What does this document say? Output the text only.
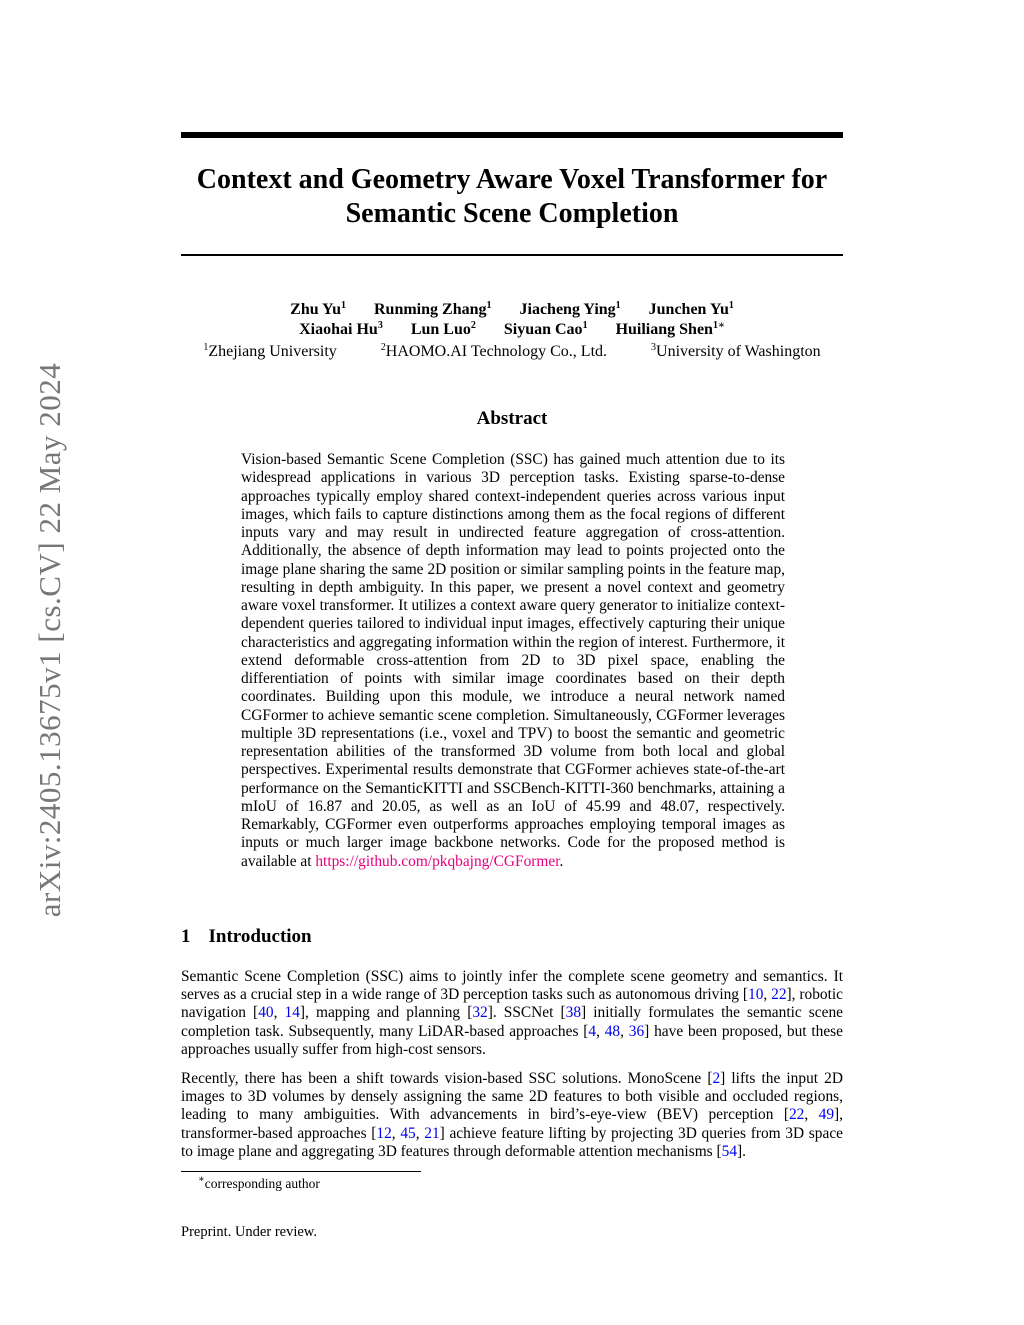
arXiv:2405.13675v1 [cs.CV] 22 May 2024
Context and Geometry Aware Voxel Transformer for Semantic Scene Completion
Zhu Yu$^1$ Runming Zhang$^1$ Jiacheng Ying$^1$ Junchen Yu$^1$
Xiaohai Hu$^3$ Lun Luo$^2$ Siyuan Cao$^1$ Huiliang Shen$^{1∗}$
$^1$Zhejiang University	$^2$HAOMO.AI Technology Co., Ltd.	$^3$University of Washington
Abstract

Vision-based Semantic Scene Completion (SSC) has gained much attention due to its widespread applications in various 3D perception tasks. Existing sparse-to-dense approaches typically employ shared context-independent queries across various input images, which fails to capture distinctions among them as the focal regions of different inputs vary and may result in undirected feature aggregation of cross-attention. Additionally, the absence of depth information may lead to points projected onto the image plane sharing the same 2D position or similar sampling points in the feature map, resulting in depth ambiguity. In this paper, we present a novel context and geometry aware voxel transformer. It utilizes a context aware query generator to initialize context-dependent queries tailored to individual input images, effectively capturing their unique characteristics and aggregating information within the region of interest. Furthermore, it extend deformable cross-attention from 2D to 3D pixel space, enabling the differentiation of points with similar image coordinates based on their depth coordinates. Building upon this module, we introduce a neural network named CGFormer to achieve semantic scene completion. Simultaneously, CGFormer leverages multiple 3D representations (i.e., voxel and TPV) to boost the semantic and geometric representation abilities of the transformed 3D volume from both local and global perspectives. Experimental results demonstrate that CGFormer achieves state-of-the-art performance on the SemanticKITTI and SSCBench-KITTI-360 benchmarks, attaining a mIoU of 16.87 and 20.05, as well as an IoU of 45.99 and 48.07, respectively. Remarkably, CGFormer even outperforms approaches employing temporal images as inputs or much larger image backbone networks. Code for the proposed method is available at https://github.com/pkqbajng/CGFormer.

1 Introduction

Semantic Scene Completion (SSC) aims to jointly infer the complete scene geometry and semantics. It serves as a crucial step in a wide range of 3D perception tasks such as autonomous driving [10, 22], robotic navigation [40, 14], mapping and planning [32]. SSCNet [38] initially formulates the semantic scene completion task. Subsequently, many LiDAR-based approaches [4, 48, 36] have been proposed, but these approaches usually suffer from high-cost sensors.

Recently, there has been a shift towards vision-based SSC solutions. MonoScene [2] lifts the input 2D images to 3D volumes by densely assigning the same 2D features to both visible and occluded regions, leading to many ambiguities. With advancements in bird’s-eye-view (BEV) perception [22, 49], transformer-based approaches [12, 45, 21] achieve feature lifting by projecting 3D queries from 3D space to image plane and aggregating 3D features through deformable attention mechanisms [54].

∗corresponding author
Preprint. Under review.
